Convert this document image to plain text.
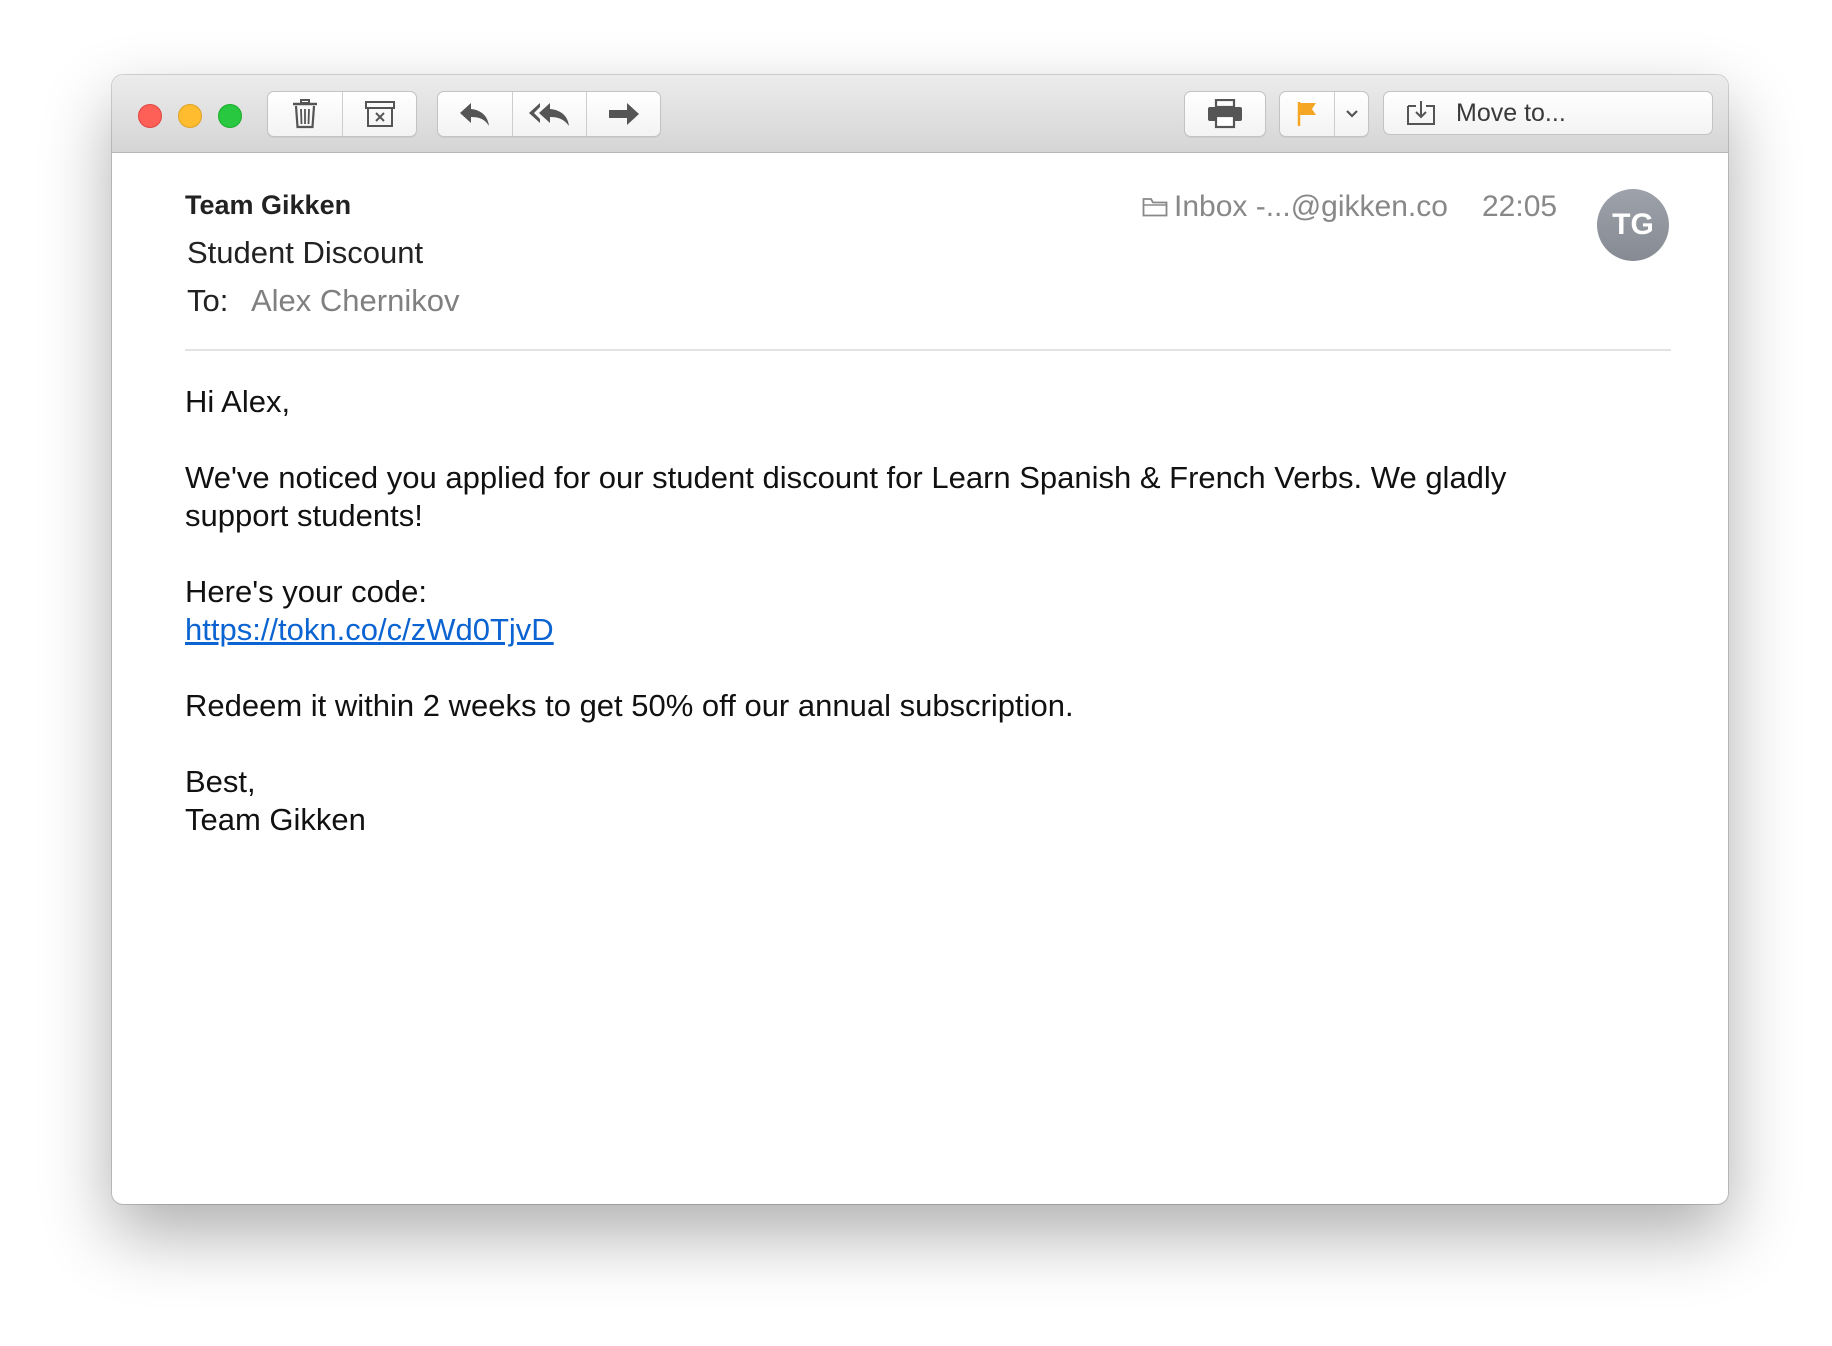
Move to...
Team Gikken
Student Discount
To: Alex Chernikov
Inbox -...@gikken.co 22:05
TG

Hi Alex,

We've noticed you applied for our student discount for Learn Spanish & French Verbs. We gladly

support students!

Here's your code:

https://tokn.co/c/zWd0TjvD

Redeem it within 2 weeks to get 50% off our annual subscription.

Best,

Team Gikken
